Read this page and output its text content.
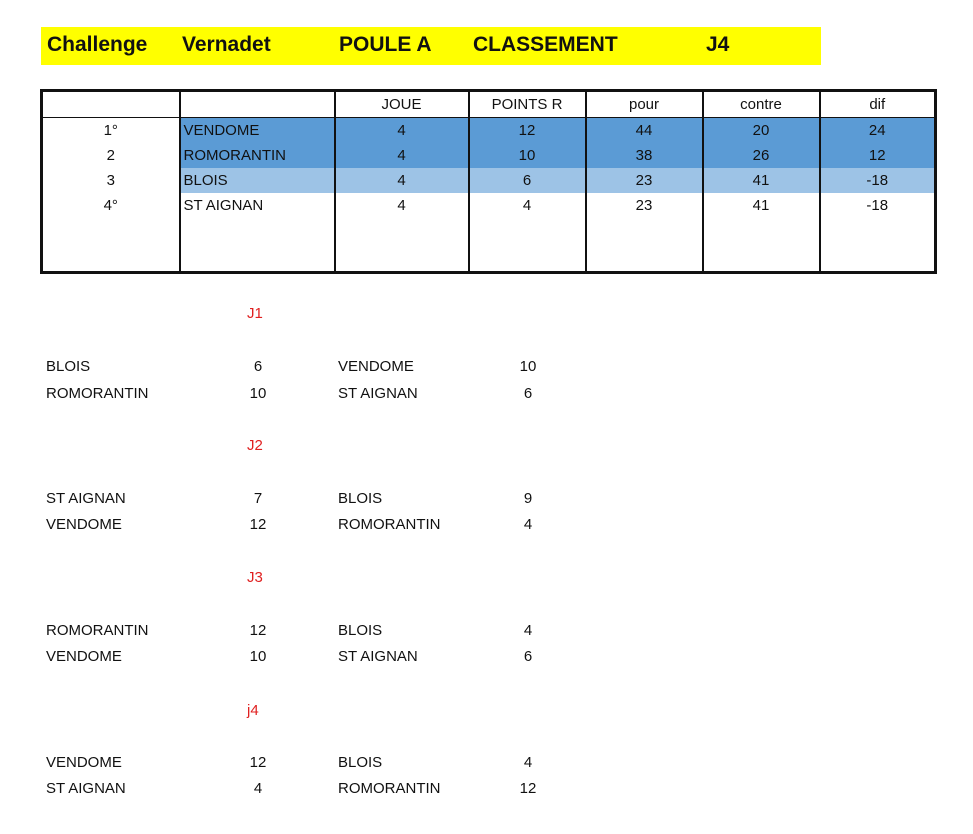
Challenge Vernadet	POULE A CLASSEMENT	J4
		JOUE	POINTS R	pour	contre	dif
1°	VENDOME	4	12	44	20	24
2	ROMORANTIN	4	10	38	26	12
3	BLOIS	4	6	23	41	-18
4°	ST AIGNAN	4	4	23	41	-18

J1
BLOIS	6	VENDOME	10
ROMORANTIN	10	ST AIGNAN	6
J2
ST AIGNAN	7	BLOIS	9
VENDOME	12	ROMORANTIN	4
J3
ROMORANTIN	12	BLOIS	4
VENDOME	10	ST AIGNAN	6
j4
VENDOME	12	BLOIS	4
ST AIGNAN	4	ROMORANTIN	12
